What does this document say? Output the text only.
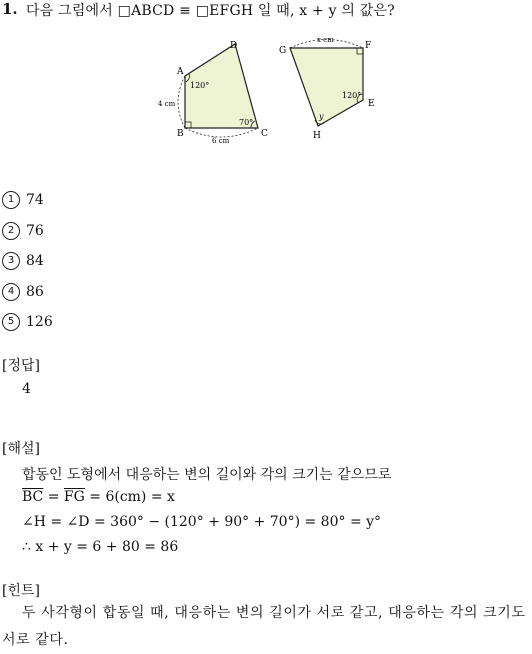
1. 다음 그림에서 □ABCD ≡ □EFGH 일 때, x + y 의 값은?
A
B	C
D
120°
70°
4 cm
6 cm
G	F
E
H
x cm
120°
y
1 74
2 76
3 84
4 86
5 126
[정답]
4
[해설]
합동인 도형에서 대응하는 변의 길이와 각의 크기는 같으므로
$\overline{BC} = \overline{FG} = 6(cm) = x$
∠H = ∠D = 360° − (120° + 90° + 70°) = 80° = y°
∴ x + y = 6 + 80 = 86
[힌트]
두 사각형이 합동일 때, 대응하는 변의 길이가 서로 같고, 대응하는 각의 크기도 서로 같다.
